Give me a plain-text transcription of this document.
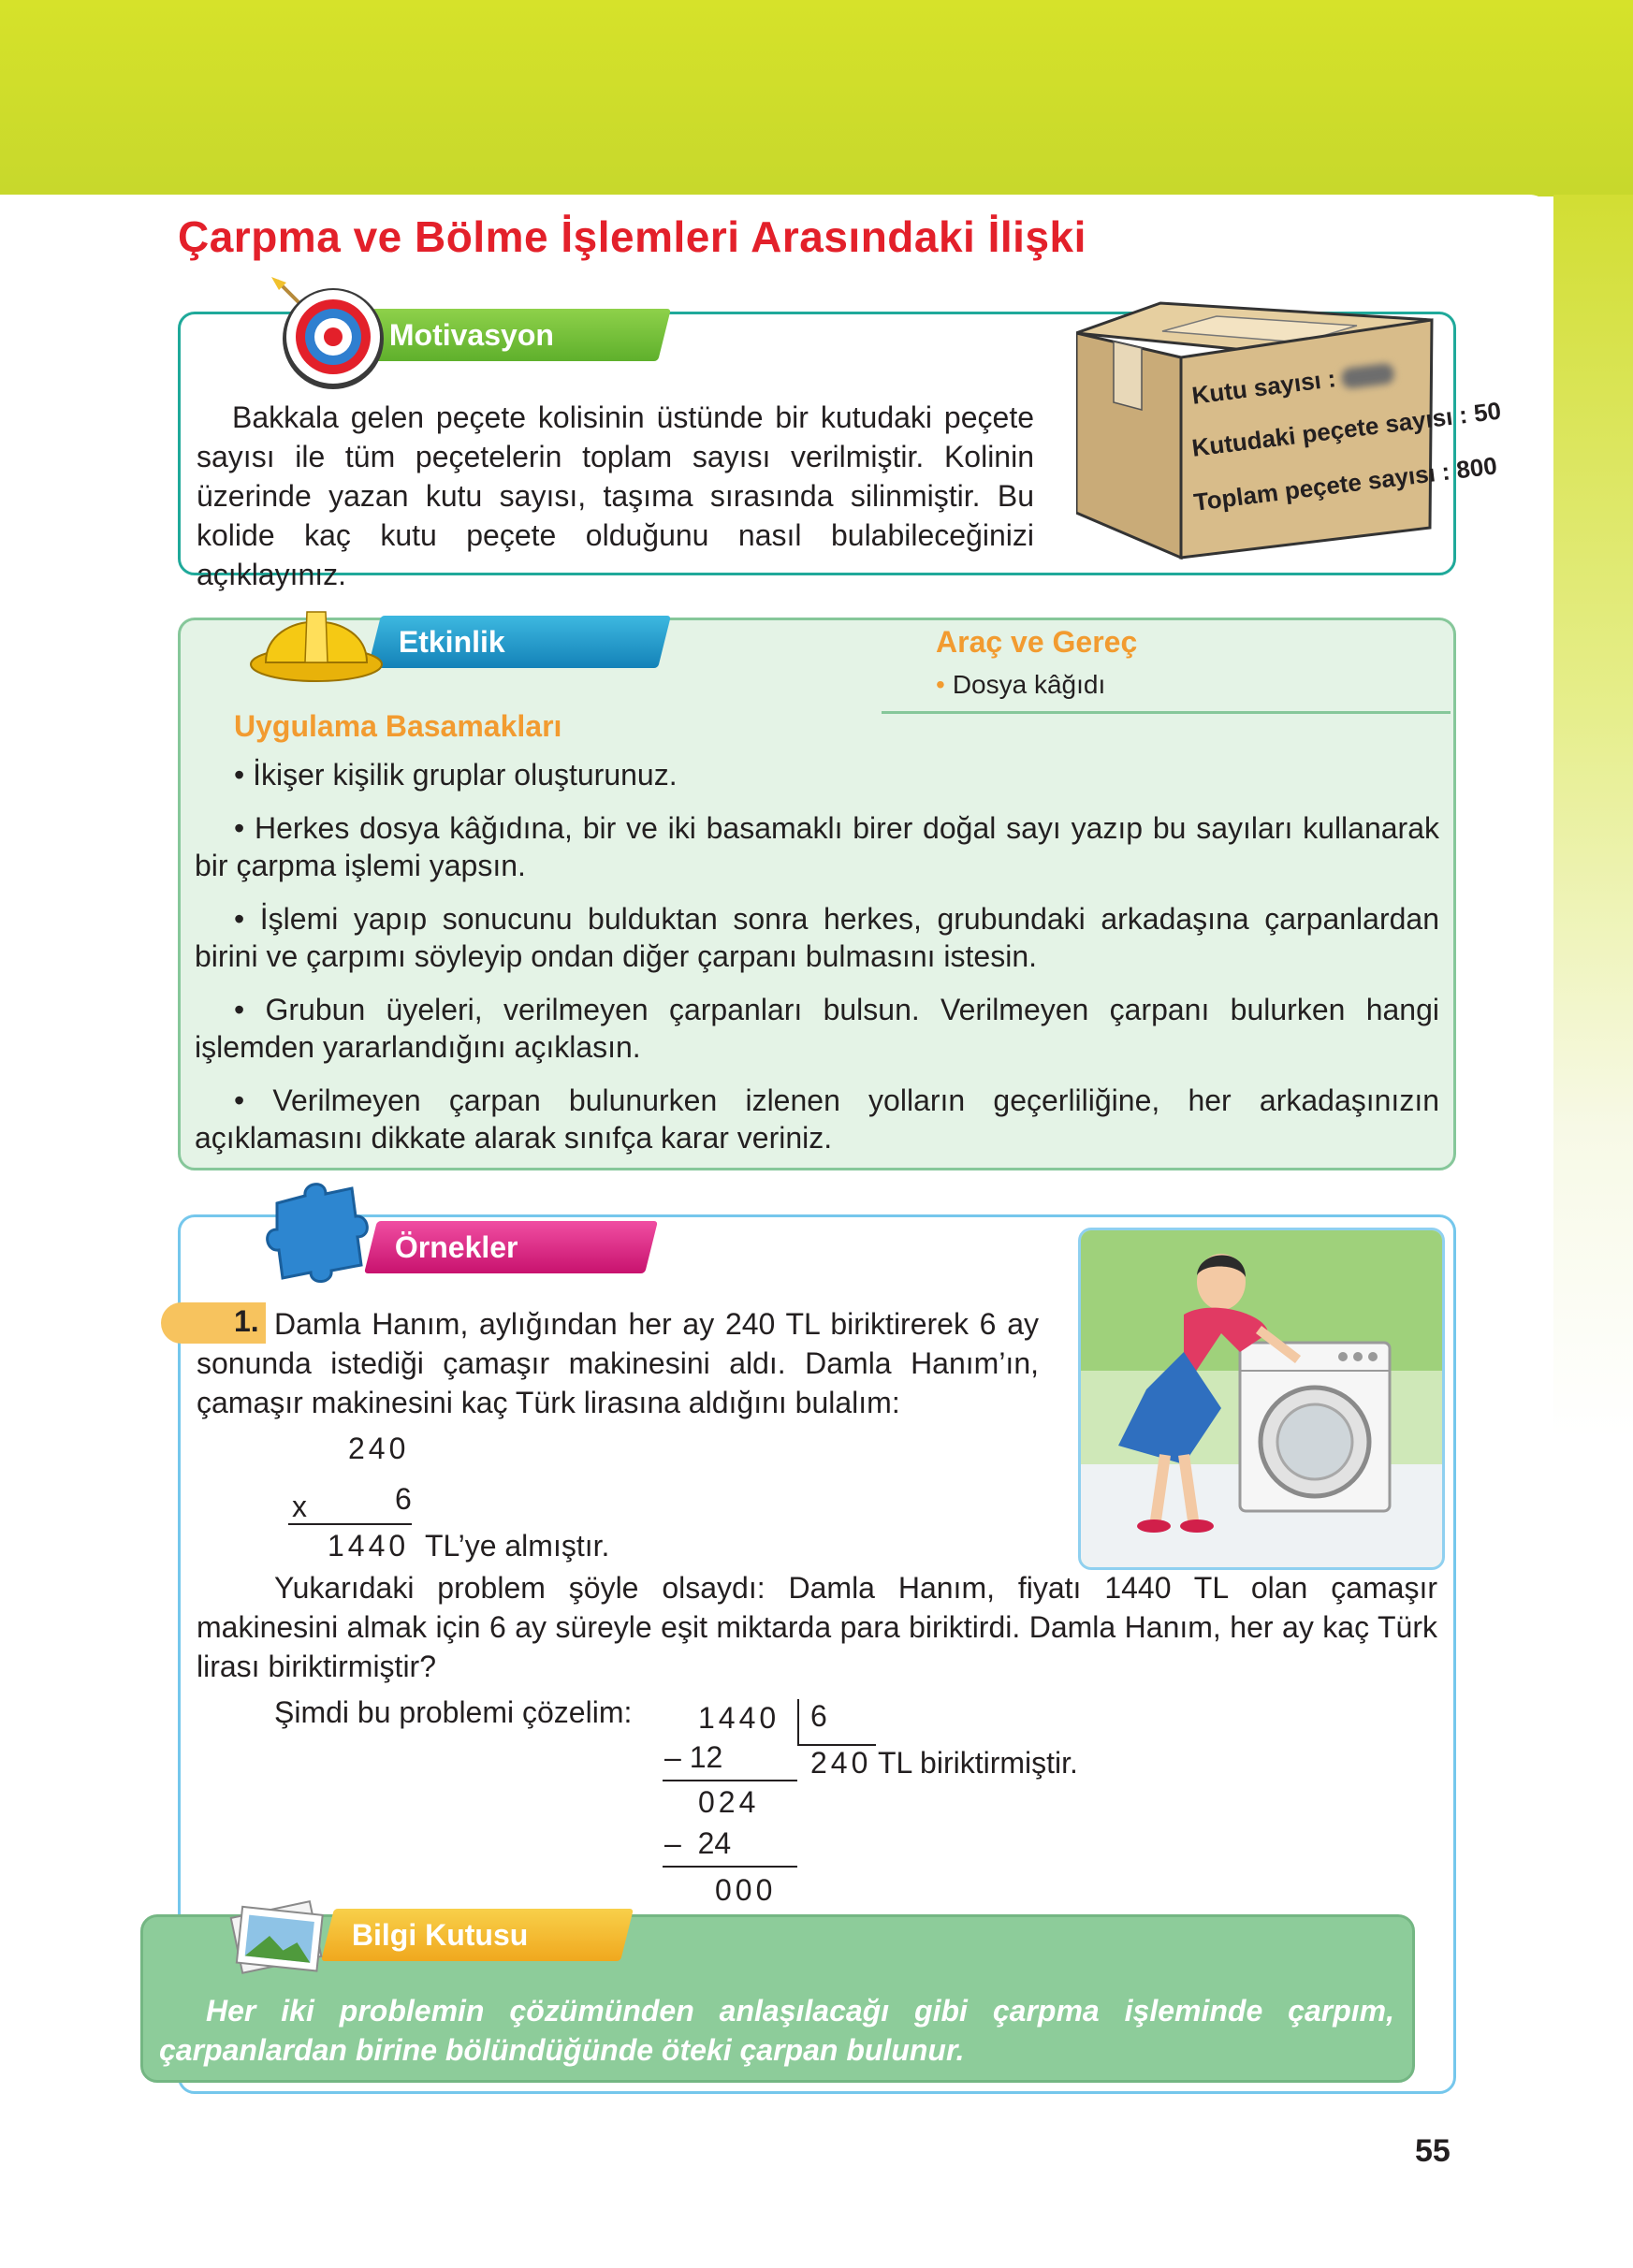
Çarpma ve Bölme İşlemleri Arasındaki İlişki
Motivasyon
Bakkala gelen peçete kolisinin üstünde bir kutudaki peçete sayısı ile tüm peçetelerin toplam sayısı verilmiştir. Kolinin üzerinde yazan kutu sayısı, taşıma sırasında silinmiştir. Bu kolide kaç kutu peçete olduğunu nasıl bulabileceğinizi açıklayınız.
Kutu sayısı :
Kutudaki peçete sayısı : 50
Toplam peçete sayısı : 800
Etkinlik	Araç ve Gereç
• Dosya kâğıdı
Uygulama Basamakları
• İkişer kişilik gruplar oluşturunuz.
• Herkes dosya kâğıdına, bir ve iki basamaklı birer doğal sayı yazıp bu sayıları kullanarak bir çarpma işlemi yapsın.
• İşlemi yapıp sonucunu bulduktan sonra herkes, grubundaki arkadaşına çarpanlardan birini ve çarpımı söyleyip ondan diğer çarpanı bulmasını istesin.
• Grubun üyeleri, verilmeyen çarpanları bulsun. Verilmeyen çarpanı bulurken hangi işlemden yararlandığını açıklasın.
• Verilmeyen çarpan bulunurken izlenen yolların geçerliliğine, her arkadaşınızın açıklamasını dikkate alarak sınıfça karar veriniz.
Örnekler
1. Damla Hanım, aylığından her ay 240 TL biriktirerek 6 ay sonunda istediği çamaşır makinesini aldı. Damla Hanım’ın, çamaşır makinesini kaç Türk lirasına aldığını bulalım:
240
x	6
1440 TL’ye almıştır.
Yukarıdaki problem şöyle olsaydı: Damla Hanım, fiyatı 1440 TL olan çamaşır makinesini almak için 6 ay süreyle eşit miktarda para biriktirdi. Damla Hanım, her ay kaç Türk lirası biriktirmiştir?
Şimdi bu problemi çözelim: 1440 6
240 TL biriktirmiştir.
– 12
024
–  24
000
Bilgi Kutusu
Her iki problemin çözümünden anlaşılacağı gibi çarpma işleminde çarpım, çarpanlardan birine bölündüğünde öteki çarpan bulunur.
55
